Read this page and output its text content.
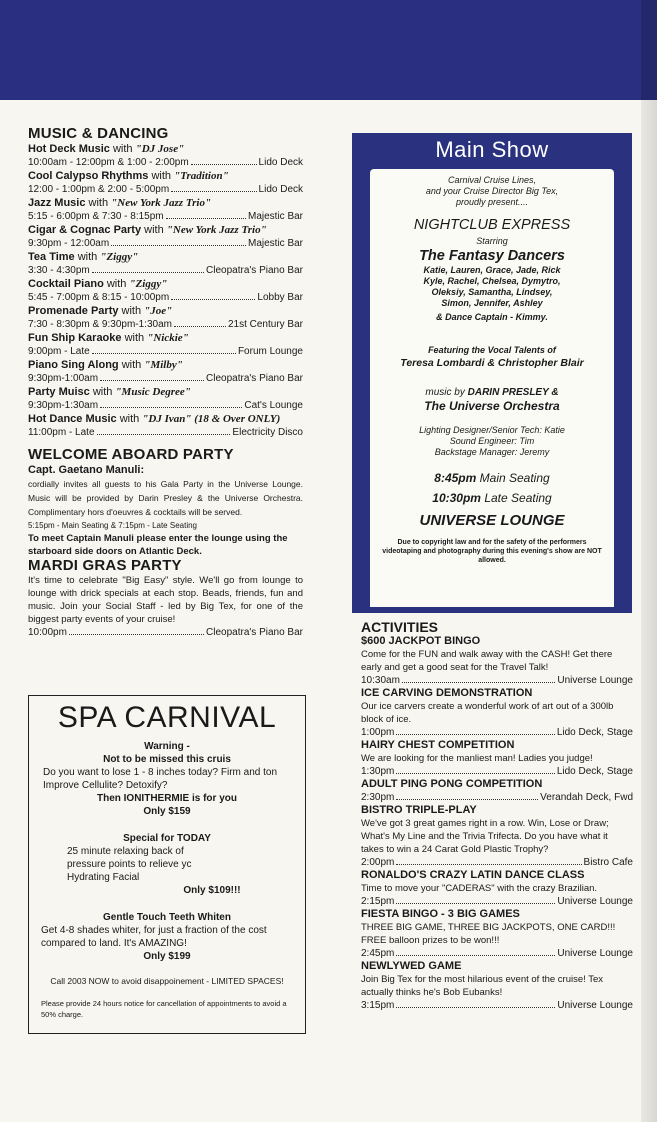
MUSIC & DANCING
Hot Deck Music with "DJ Jose"
10:00am - 12:00pm & 1:00 - 2:00pm	Lido Deck
Cool Calypso Rhythms with "Tradition"
12:00 - 1:00pm & 2:00 - 5:00pm	Lido Deck
Jazz Music with "New York Jazz Trio"
5:15 - 6:00pm & 7:30 - 8:15pm	Majestic Bar
Cigar & Cognac Party with "New York Jazz Trio"
9:30pm - 12:00am	Majestic Bar
Tea Time with "Ziggy"
3:30 - 4:30pm	Cleopatra's Piano Bar
Cocktail Piano with "Ziggy"
5:45 - 7:00pm & 8:15 - 10:00pm	Lobby Bar
Promenade Party with "Joe"
7:30 - 8:30pm & 9:30pm-1:30am	21st Century Bar
Fun Ship Karaoke with "Nickie"
9:00pm - Late	Forum Lounge
Piano Sing Along with "Milby"
9:30pm-1:00am	Cleopatra's Piano Bar
Party Muisc with "Music Degree"
9:30pm-1:30am	Cat's Lounge
Hot Dance Music with "DJ Ivan" (18 & Over ONLY)
11:00pm - Late	Electricity Disco
WELCOME ABOARD PARTY
Capt. Gaetano Manuli:
cordially invites all guests to his Gala Party in the Universe Lounge. Music will be provided by Darin Presley & the Universe Orchestra. Complimentary hors d'oeuvres & cocktails will be served.
5:15pm - Main Seating & 7:15pm - Late Seating
To meet Captain Manuli please enter the lounge using the starboard side doors on Atlantic Deck.
MARDI GRAS PARTY
It's time to celebrate "Big Easy" style. We'll go from lounge to lounge with drick specials at each stop. Beads, friends, fun and music. Join your Social Staff - led by Big Tex, for one of the biggest party events of your cruise!
10:00pm	Cleopatra's Piano Bar
SPA CARNIVAL

Warning -

Not to be missed this cruis

Do you want to lose 1 - 8 inches today? Firm and ton

Improve Cellulite? Detoxify?

Then IONITHERMIE is for you

Only $159

Special for TODAY

25 minute relaxing back of

pressure points to relieve yc

Hydrating Facial

Only $109!!!

Gentle Touch Teeth Whiten

Get 4-8 shades whiter, for just a fraction of the cost compared to land. It's AMAZING!

Only $199

Call 2003 NOW to avoid disappoinement - LIMITED SPACES!

Please provide 24 hours notice for cancellation of appointments to avoid a 50% charge.

Main Show

Carnival Cruise Lines,

and your Cruise Director Big Tex,

proudly present....

NIGHTCLUB EXPRESS

Starring

The Fantasy Dancers

Katie, Lauren, Grace, Jade, Rick

Kyle, Rachel, Chelsea, Dymytro,

Oleksiy, Samantha, Lindsey,

Simon, Jennifer, Ashley

& Dance Captain - Kimmy.

Featuring the Vocal Talents of

Teresa Lombardi & Christopher Blair

music by DARIN PRESLEY &

The Universe Orchestra

Lighting Designer/Senior Tech: Katie

Sound Engineer: Tim

Backstage Manager: Jeremy

8:45pm Main Seating

10:30pm Late Seating

UNIVERSE LOUNGE

Due to copyright law and for the safety of the performers videotaping and photography during this evening's show are NOT allowed.

ACTIVITIES
$600 JACKPOT BINGO
Come for the FUN and walk away with the CASH! Get there early and get a good seat for the Travel Talk!
10:30am	Universe Lounge
ICE CARVING DEMONSTRATION
Our ice carvers create a wonderful work of art out of a 300lb block of ice.
1:00pm	Lido Deck, Stage
HAIRY CHEST COMPETITION
We are looking for the manliest man! Ladies you judge!
1:30pm	Lido Deck, Stage
ADULT PING PONG COMPETITION
2:30pm	Verandah Deck, Fwd
BISTRO TRIPLE-PLAY
We've got 3 great games right in a row. Win, Lose or Draw; What's My Line and the Trivia Trifecta. Do you have what it takes to win a 24 Carat Gold Plastic Trophy?
2:00pm	Bistro Cafe
RONALDO'S CRAZY LATIN DANCE CLASS
Time to move your "CADERAS" with the crazy Brazilian.
2:15pm	Universe Lounge
FIESTA BINGO - 3 BIG GAMES
THREE BIG GAME, THREE BIG JACKPOTS, ONE CARD!!! FREE balloon prizes to be won!!!
2:45pm	Universe Lounge
NEWLYWED GAME
Join Big Tex for the most hilarious event of the cruise! Tex actually thinks he's Bob Eubanks!
3:15pm	Universe Lounge
